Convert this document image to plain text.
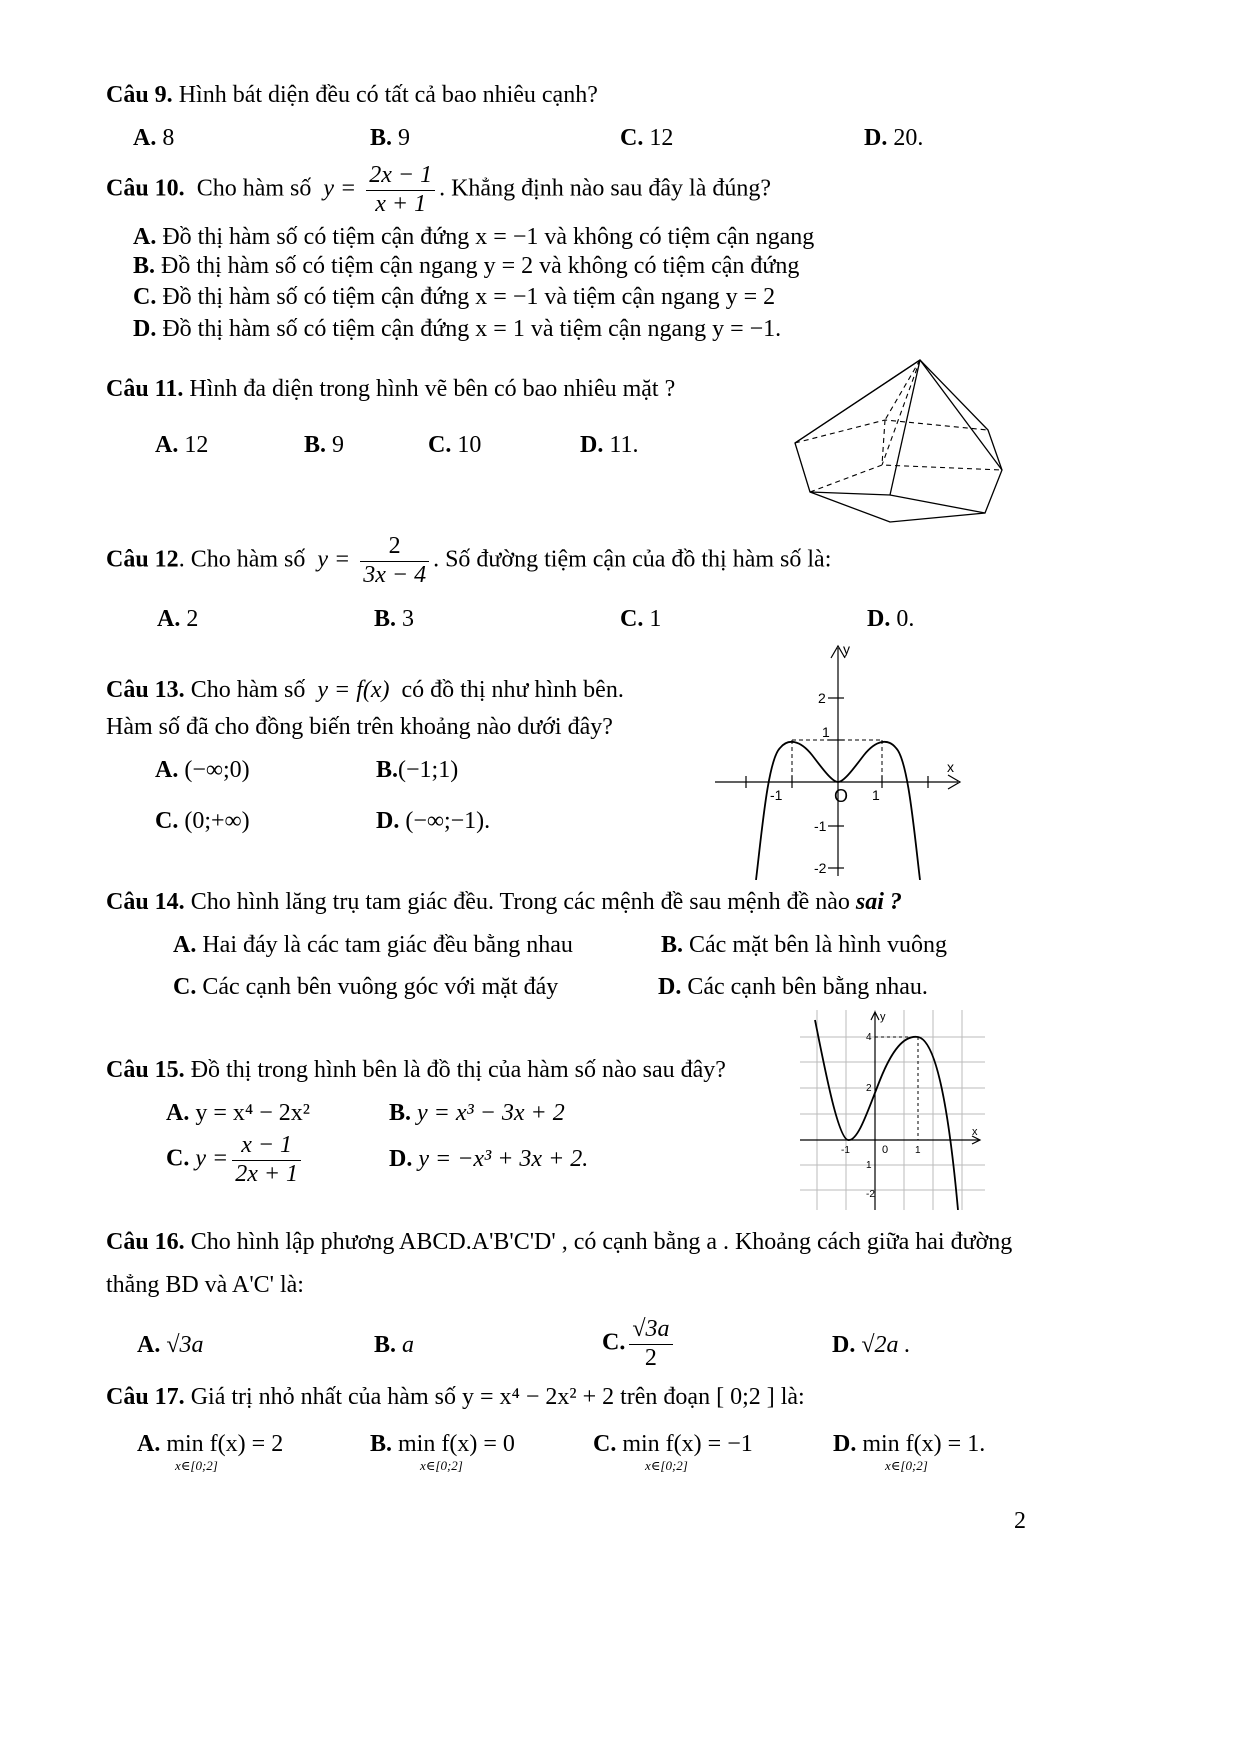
Câu 9. Hình bát diện đều có tất cả bao nhiêu cạnh?
A. 8	B. 9	C. 12	D. 20.
Câu 10. Cho hàm số $y = \frac{2x - 1}{x + 1}$ . Khẳng định nào sau đây là đúng?
A. Đồ thị hàm số có tiệm cận đứng x = −1 và không có tiệm cận ngang
B. Đồ thị hàm số có tiệm cận ngang y = 2 và không có tiệm cận đứng
C. Đồ thị hàm số có tiệm cận đứng x = −1 và tiệm cận ngang y = 2
D. Đồ thị hàm số có tiệm cận đứng x = 1 và tiệm cận ngang y = −1.
Câu 11. Hình đa diện trong hình vẽ bên có bao nhiêu mặt ?
A. 12	B. 9	C. 10	D. 11.
Câu 12. Cho hàm số $y = \frac{2}{3x - 4}$ . Số đường tiệm cận của đồ thị hàm số là:
A. 2	B. 3	C. 1	D. 0.
Câu 13. Cho hàm số y = f(x) có đồ thị như hình bên.
Hàm số đã cho đồng biến trên khoảng nào dưới đây?
A. (−∞;0)	B.(−1;1)
C. (0;+∞)	D. (−∞;−1).
y
x
2
1
-1
-2
-1	1
O
Câu 14. Cho hình lăng trụ tam giác đều. Trong các mệnh đề sau mệnh đề nào sai ?
A. Hai đáy là các tam giác đều bằng nhau	B. Các mặt bên là hình vuông
C. Các cạnh bên vuông góc với mặt đáy	D. Các cạnh bên bằng nhau.
Câu 15. Đồ thị trong hình bên là đồ thị của hàm số nào sau đây?
A. y = x⁴ − 2x²	B. y = x³ − 3x + 2
C. $y = \frac{x - 1}{2x + 1}$	D. y = −x³ + 3x + 2.
y
x
4
2
-2
-1	1
0
1
Câu 16. Cho hình lập phương ABCD.A'B'C'D' , có cạnh bằng a . Khoảng cách giữa hai đường
thẳng BD và A'C' là:
A. √3a	B. a	C. $\frac{√3a}{2}$	D. √2a .
Câu 17. Giá trị nhỏ nhất của hàm số y = x⁴ − 2x² + 2 trên đoạn [ 0;2 ] là:
A. min f(x) = 2
x∈[0;2]
B. min f(x) = 0
x∈[0;2]
C. min f(x) = −1
x∈[0;2]
D. min f(x) = 1.
x∈[0;2]
2
